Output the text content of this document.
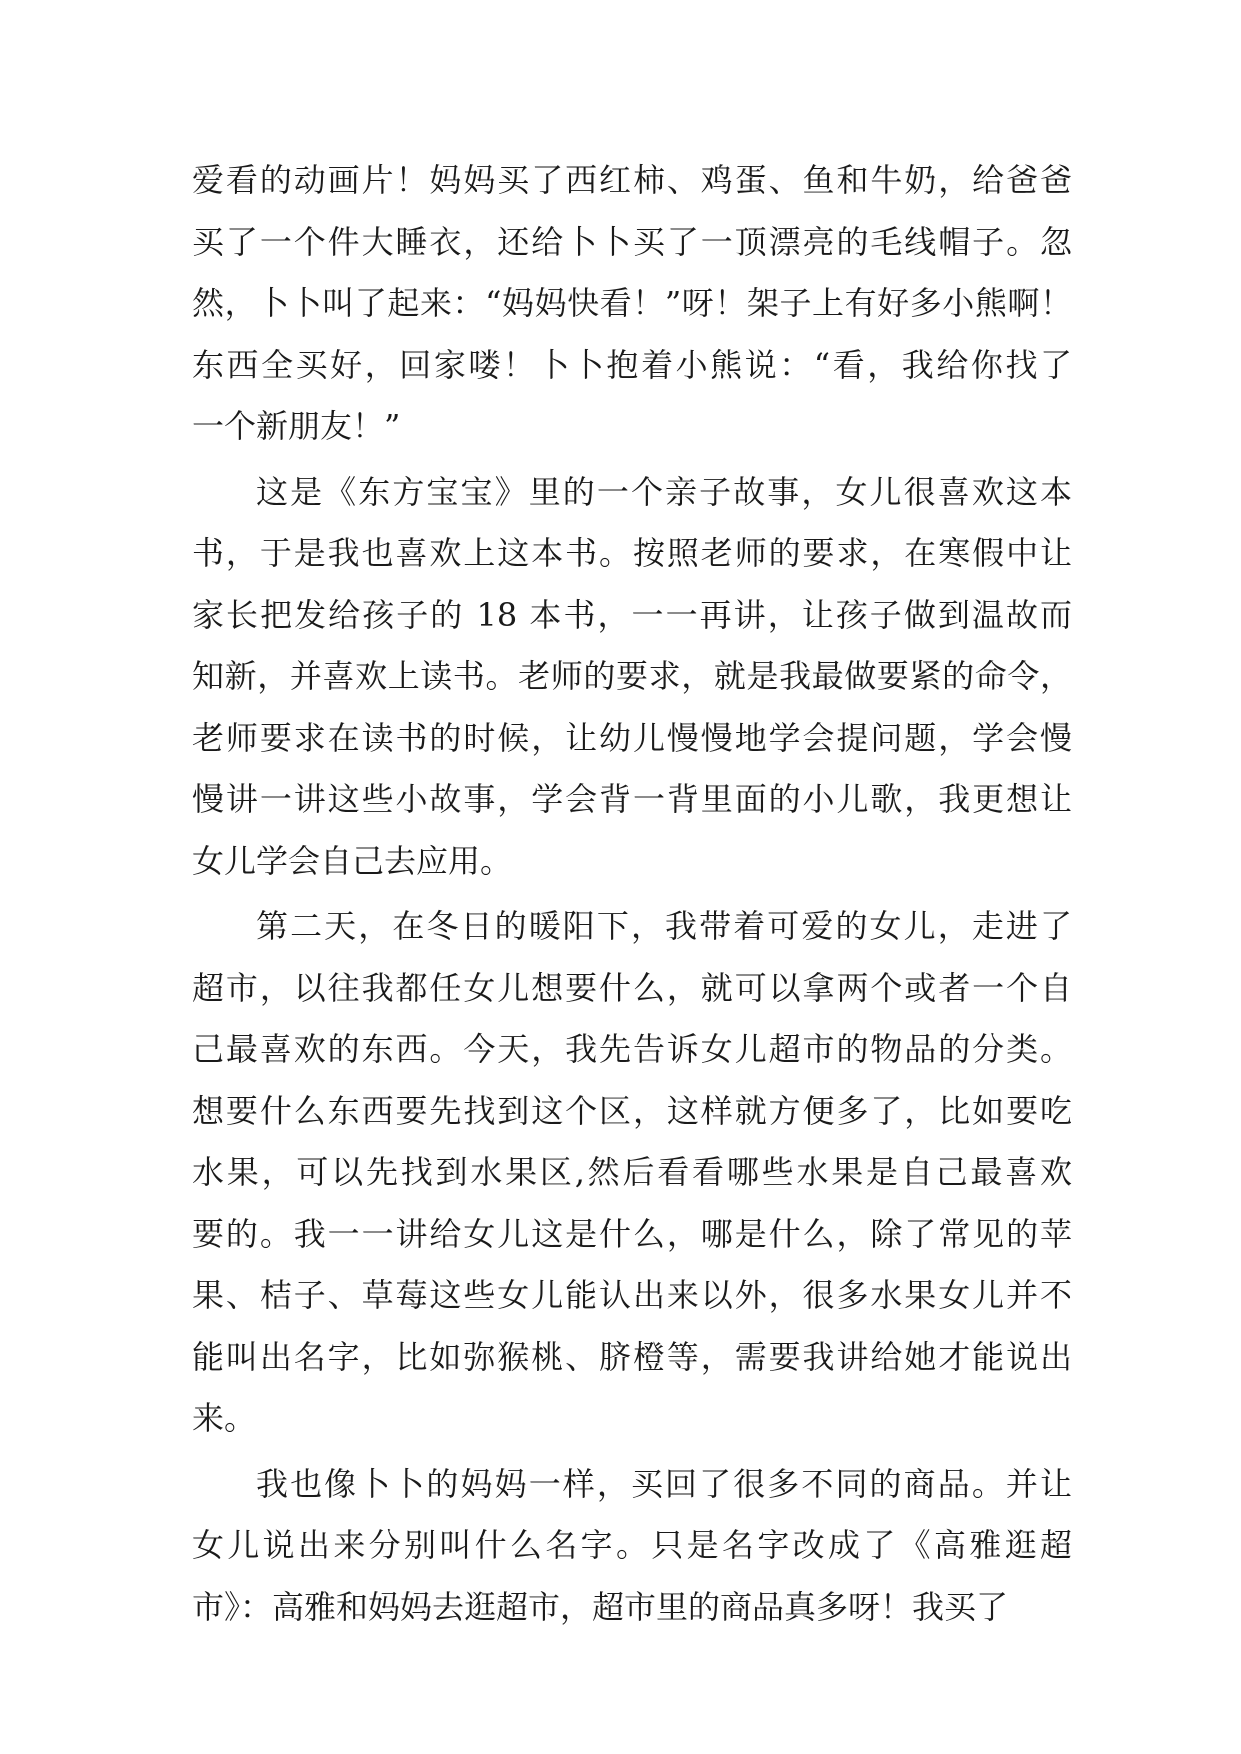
爱看的动画片！妈妈买了西红柿、鸡蛋、鱼和牛奶，给爸爸
买了一个件大睡衣，还给卜卜买了一顶漂亮的毛线帽子。忽
然，卜卜叫了起来：“妈妈快看！”呀！架子上有好多小熊啊！
东西全买好，回家喽！卜卜抱着小熊说：“看，我给你找了
一个新朋友！”
这是《东方宝宝》里的一个亲子故事，女儿很喜欢这本
书，于是我也喜欢上这本书。按照老师的要求，在寒假中让
家长把发给孩子的 18 本书，一一再讲，让孩子做到温故而
知新，并喜欢上读书。老师的要求，就是我最做要紧的命令，
老师要求在读书的时候，让幼儿慢慢地学会提问题，学会慢
慢讲一讲这些小故事，学会背一背里面的小儿歌，我更想让
女儿学会自己去应用。
第二天，在冬日的暖阳下，我带着可爱的女儿，走进了
超市，以往我都任女儿想要什么，就可以拿两个或者一个自
己最喜欢的东西。今天，我先告诉女儿超市的物品的分类。
想要什么东西要先找到这个区，这样就方便多了，比如要吃
水果，可以先找到水果区,然后看看哪些水果是自己最喜欢
要的。我一一讲给女儿这是什么，哪是什么，除了常见的苹
果、桔子、草莓这些女儿能认出来以外，很多水果女儿并不
能叫出名字，比如弥猴桃、脐橙等，需要我讲给她才能说出
来。
我也像卜卜的妈妈一样，买回了很多不同的商品。并让
女儿说出来分别叫什么名字。只是名字改成了《高雅逛超
市》：高雅和妈妈去逛超市，超市里的商品真多呀！我买了
